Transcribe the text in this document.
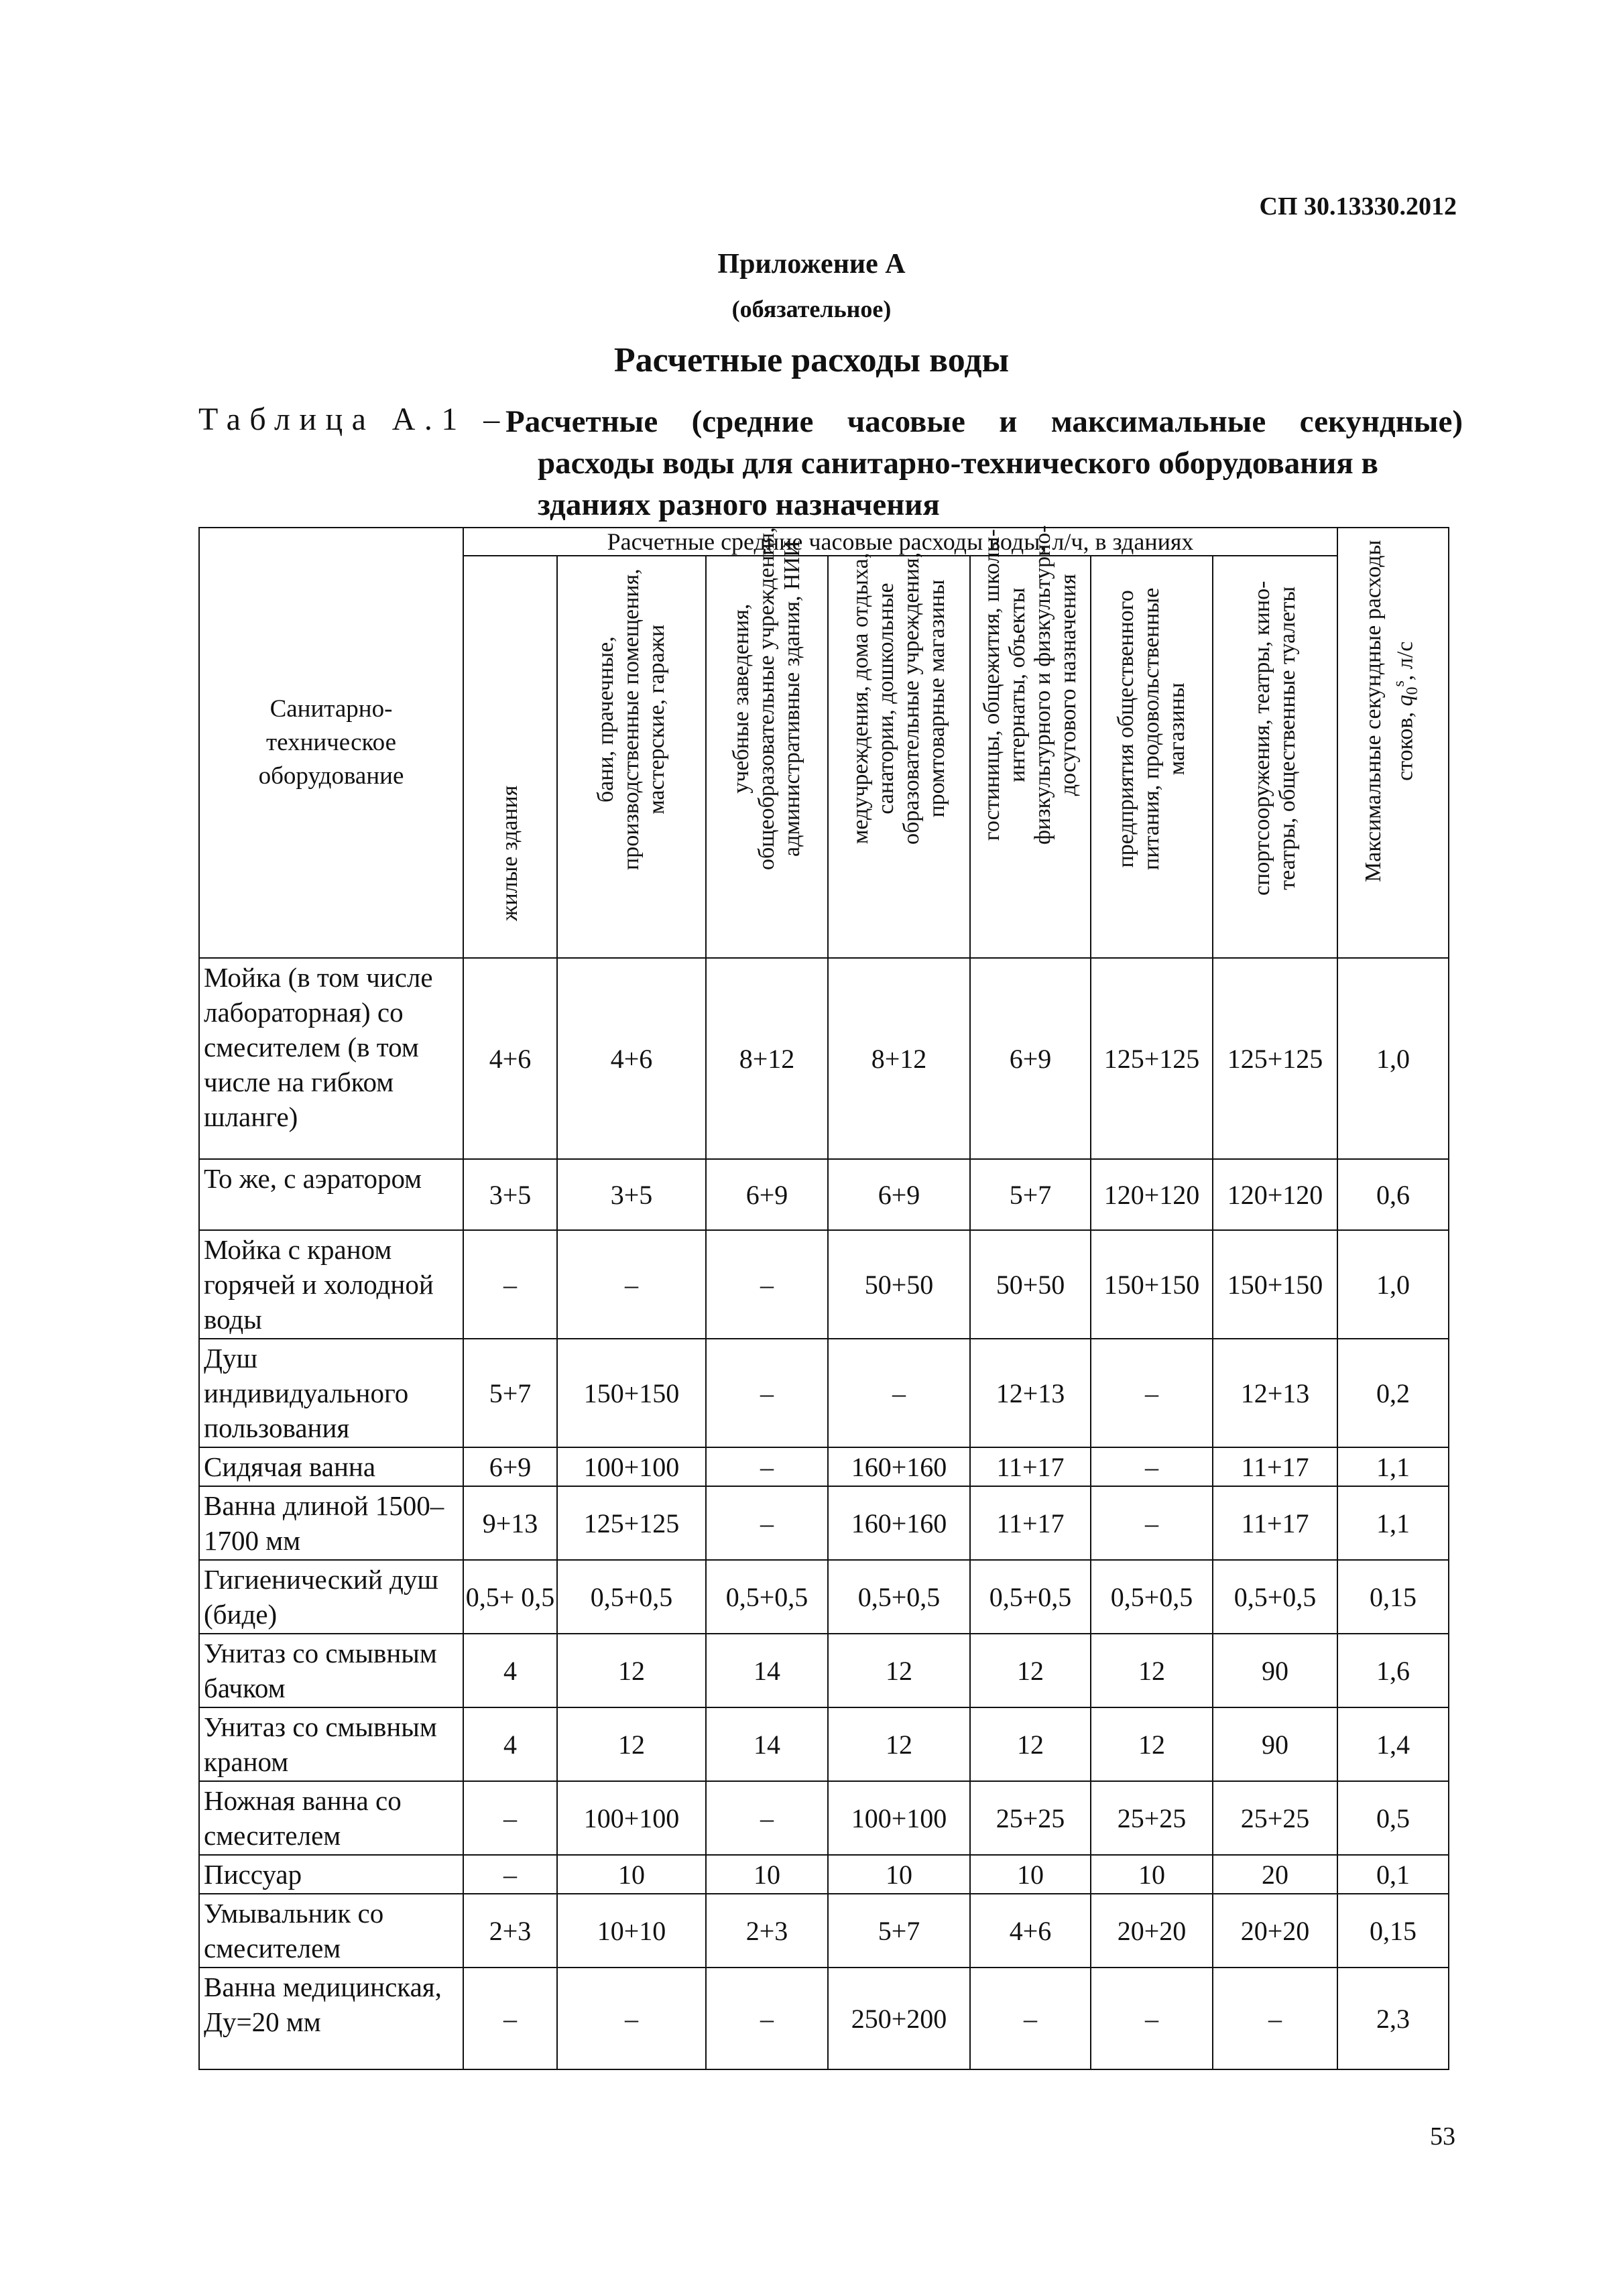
СП 30.13330.2012
Приложение А
(обязательное)
Расчетные расходы воды
Таблица А.1 –
Расчетные (средние часовые и максимальные секундные)
расходы воды для санитарно-технического оборудования в
зданиях разного назначения
Санитарно-
техническое
оборудование	Расчетные средние часовые расходы воды, л/ч, в зданиях							Максимальные секундные расходы стоков, $q_0^s$, л/с

	жилые здания	бани, прачечные, производственные помещения, мастерские, гаражи	учебные заведения, общеобразовательные учреждения, административные здания, НИИ	медучреждения, дома отдыха, санатории, дошкольные образовательные учреждения, промтоварные магазины	гостиницы, общежития, школы- интернаты, объекты физкультурного и физкультурно- досугового назначения	предприятия общественного питания, продовольственные магазины	спортсооружения, театры, кино- театры, общественные туалеты	

Мойка (в том числе лабораторная) со смесителем (в том числе на гибком шланге)	4+6	4+6	8+12	8+12	6+9	125+125	125+125	1,0
То же, с аэратором	3+5	3+5	6+9	6+9	5+7	120+120	120+120	0,6
Мойка с краном горячей и холодной воды	–	–	–	50+50	50+50	150+150	150+150	1,0
Душ индивидуального пользования	5+7	150+150	–	–	12+13	–	12+13	0,2
Сидячая ванна	6+9	100+100	–	160+160	11+17	–	11+17	1,1
Ванна длиной 1500–1700 мм	9+13	125+125	–	160+160	11+17	–	11+17	1,1
Гигиенический душ (биде)	0,5+ 0,5	0,5+0,5	0,5+0,5	0,5+0,5	0,5+0,5	0,5+0,5	0,5+0,5	0,15
Унитаз со смывным бачком	4	12	14	12	12	12	90	1,6
Унитаз со смывным краном	4	12	14	12	12	12	90	1,4
Ножная ванна со смесителем	–	100+100	–	100+100	25+25	25+25	25+25	0,5
Писсуар	–	10	10	10	10	10	20	0,1
Умывальник со смесителем	2+3	10+10	2+3	5+7	4+6	20+20	20+20	0,15
Ванна медицинская, Ду=20 мм	–	–	–	250+200	–	–	–	2,3
53
